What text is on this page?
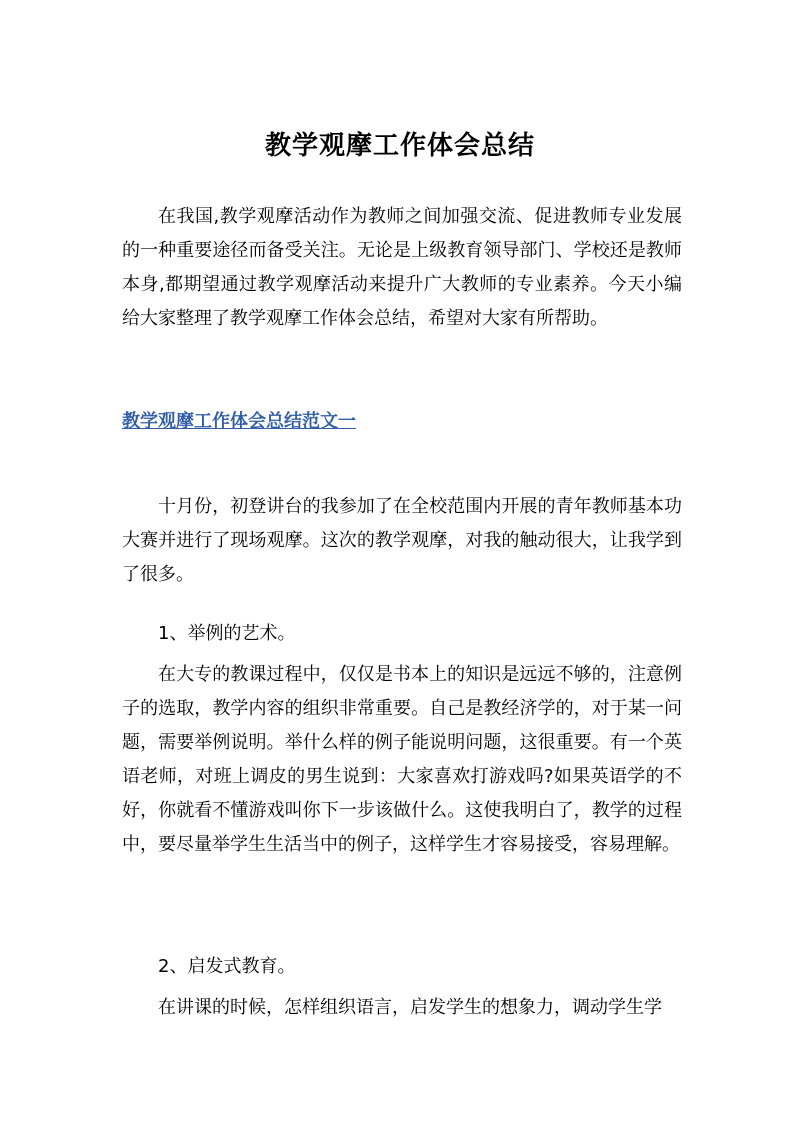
教学观摩工作体会总结

在我国,教学观摩活动作为教师之间加强交流、促进教师专业发展的一种重要途径而备受关注。无论是上级教育领导部门、学校还是教师本身,都期望通过教学观摩活动来提升广大教师的专业素养。今天小编给大家整理了教学观摩工作体会总结，希望对大家有所帮助。

教学观摩工作体会总结范文一

十月份，初登讲台的我参加了在全校范围内开展的青年教师基本功大赛并进行了现场观摩。这次的教学观摩，对我的触动很大，让我学到了很多。

1、举例的艺术。

在大专的教课过程中，仅仅是书本上的知识是远远不够的，注意例子的选取，教学内容的组织非常重要。自己是教经济学的，对于某一问题，需要举例说明。举什么样的例子能说明问题，这很重要。有一个英语老师，对班上调皮的男生说到：大家喜欢打游戏吗?如果英语学的不好，你就看不懂游戏叫你下一步该做什么。这使我明白了，教学的过程中，要尽量举学生生活当中的例子，这样学生才容易接受，容易理解。

2、启发式教育。

在讲课的时候，怎样组织语言，启发学生的想象力，调动学生学
